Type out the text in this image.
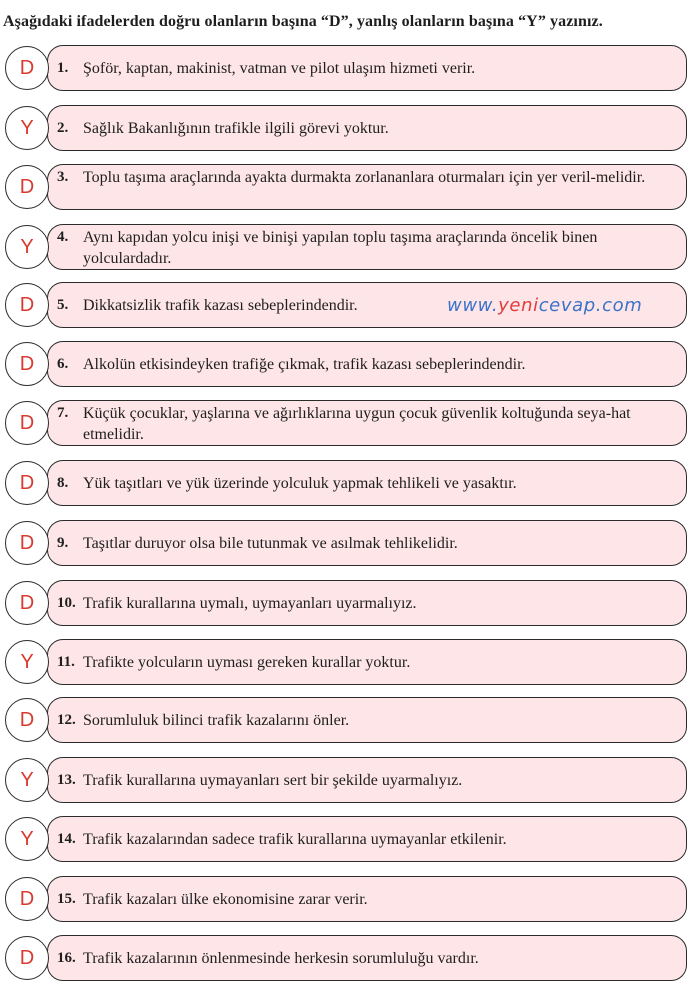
Aşağıdaki ifadelerden doğru olanların başına “D”, yanlış olanların başına “Y” yazınız.
D	1. Şoför, kaptan, makinist, vatman ve pilot ulaşım hizmeti verir.
Y	2. Sağlık Bakanlığının trafikle ilgili görevi yoktur.
D	3. Toplu taşıma araçlarında ayakta durmakta zorlananlara oturmaları için yer veril-melidir.
Y	4. Aynı kapıdan yolcu inişi ve binişi yapılan toplu taşıma araçlarında öncelik binen yolculardadır.
D	5. Dikkatsizlik trafik kazası sebeplerindendir.
D	6. Alkolün etkisindeyken trafiğe çıkmak, trafik kazası sebeplerindendir.
D	7. Küçük çocuklar, yaşlarına ve ağırlıklarına uygun çocuk güvenlik koltuğunda seya-hat etmelidir.
D	8. Yük taşıtları ve yük üzerinde yolculuk yapmak tehlikeli ve yasaktır.
D	9. Taşıtlar duruyor olsa bile tutunmak ve asılmak tehlikelidir.
D	10. Trafik kurallarına uymalı, uymayanları uyarmalıyız.
Y	11. Trafikte yolcuların uyması gereken kurallar yoktur.
D	12. Sorumluluk bilinci trafik kazalarını önler.
Y	13. Trafik kurallarına uymayanları sert bir şekilde uyarmalıyız.
Y	14. Trafik kazalarından sadece trafik kurallarına uymayanlar etkilenir.
D	15. Trafik kazaları ülke ekonomisine zarar verir.
D	16. Trafik kazalarının önlenmesinde herkesin sorumluluğu vardır.
www.yenicevap.com
